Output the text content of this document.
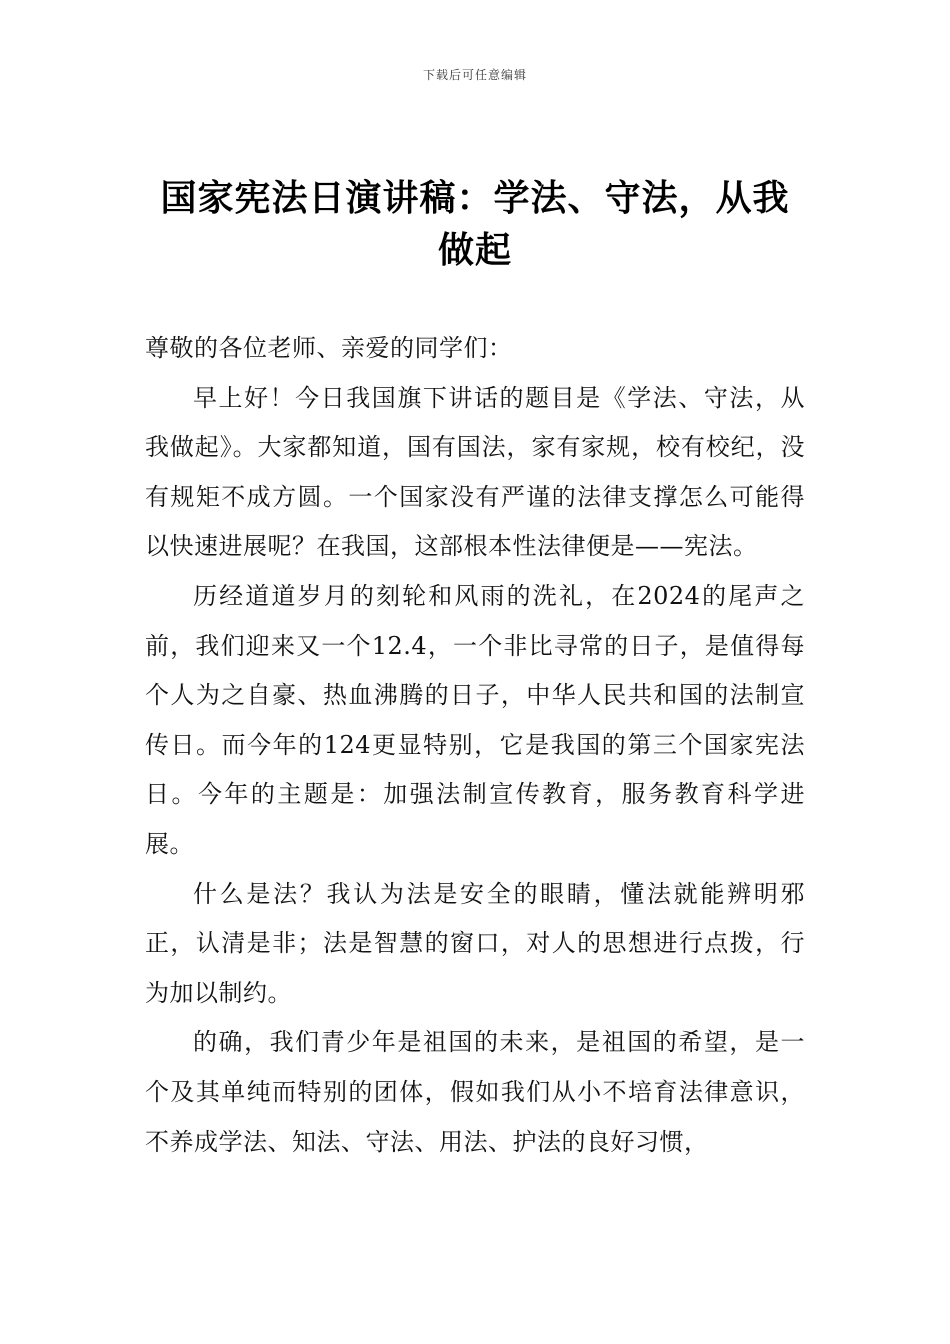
下载后可任意编辑
国家宪法日演讲稿：学法、守法，从我做起

尊敬的各位老师、亲爱的同学们：

早上好！今日我国旗下讲话的题目是《学法、守法，从我做起》。大家都知道，国有国法，家有家规，校有校纪，没有规矩不成方圆。一个国家没有严谨的法律支撑怎么可能得以快速进展呢？在我国，这部根本性法律便是——宪法。

历经道道岁月的刻轮和风雨的洗礼，在2024的尾声之前，我们迎来又一个12.4，一个非比寻常的日子，是值得每个人为之自豪、热血沸腾的日子，中华人民共和国的法制宣传日。而今年的124更显特别，它是我国的第三个国家宪法日。今年的主题是：加强法制宣传教育，服务教育科学进展。

什么是法？我认为法是安全的眼睛，懂法就能辨明邪正，认清是非；法是智慧的窗口，对人的思想进行点拨，行为加以制约。

的确，我们青少年是祖国的未来，是祖国的希望，是一个及其单纯而特别的团体，假如我们从小不培育法律意识，不养成学法、知法、守法、用法、护法的良好习惯，
